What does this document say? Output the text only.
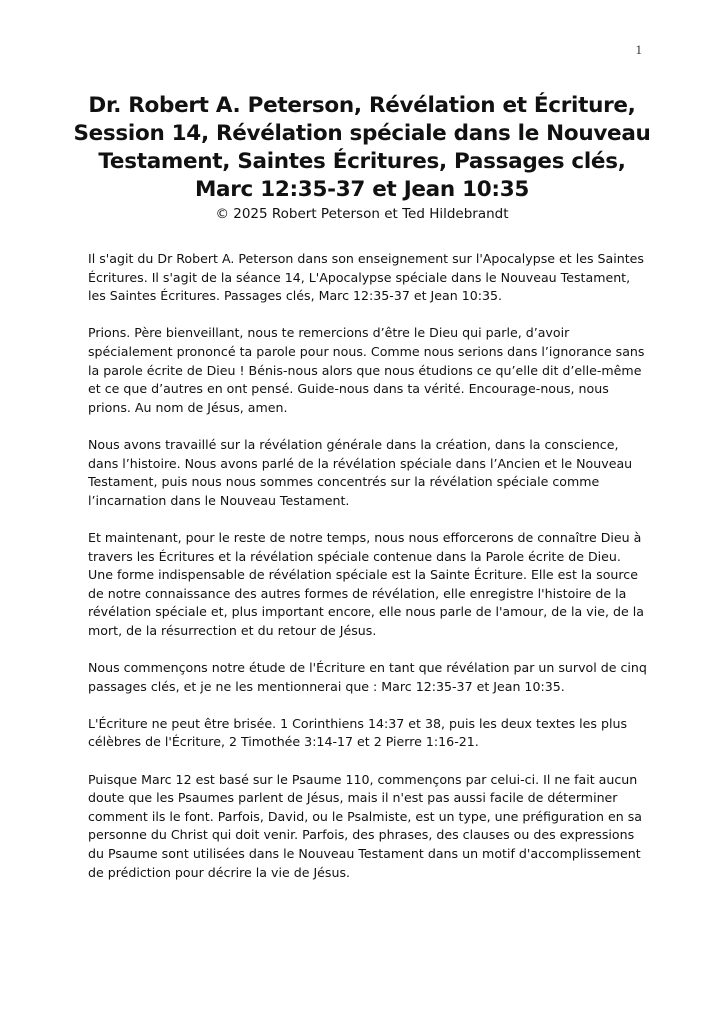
1
Dr. Robert A. Peterson, Révélation et Écriture, Session 14, Révélation spéciale dans le Nouveau Testament, Saintes Écritures, Passages clés, Marc 12:35-37 et Jean 10:35
© 2025 Robert Peterson et Ted Hildebrandt

Il s'agit du Dr Robert A. Peterson dans son enseignement sur l'Apocalypse et les Saintes Écritures. Il s'agit de la séance 14, L'Apocalypse spéciale dans le Nouveau Testament, les Saintes Écritures. Passages clés, Marc 12:35-37 et Jean 10:35.

Prions. Père bienveillant, nous te remercions d’être le Dieu qui parle, d’avoir spécialement prononcé ta parole pour nous. Comme nous serions dans l’ignorance sans la parole écrite de Dieu ! Bénis-nous alors que nous étudions ce qu’elle dit d’elle-même et ce que d’autres en ont pensé. Guide-nous dans ta vérité. Encourage-nous, nous prions. Au nom de Jésus, amen.

Nous avons travaillé sur la révélation générale dans la création, dans la conscience, dans l’histoire. Nous avons parlé de la révélation spéciale dans l’Ancien et le Nouveau Testament, puis nous nous sommes concentrés sur la révélation spéciale comme l’incarnation dans le Nouveau Testament.

Et maintenant, pour le reste de notre temps, nous nous efforcerons de connaître Dieu à travers les Écritures et la révélation spéciale contenue dans la Parole écrite de Dieu. Une forme indispensable de révélation spéciale est la Sainte Écriture. Elle est la source de notre connaissance des autres formes de révélation, elle enregistre l'histoire de la révélation spéciale et, plus important encore, elle nous parle de l'amour, de la vie, de la mort, de la résurrection et du retour de Jésus.

Nous commençons notre étude de l'Écriture en tant que révélation par un survol de cinq passages clés, et je ne les mentionnerai que : Marc 12:35-37 et Jean 10:35.

L'Écriture ne peut être brisée. 1 Corinthiens 14:37 et 38, puis les deux textes les plus célèbres de l'Écriture, 2 Timothée 3:14-17 et 2 Pierre 1:16-21.

Puisque Marc 12 est basé sur le Psaume 110, commençons par celui-ci. Il ne fait aucun doute que les Psaumes parlent de Jésus, mais il n'est pas aussi facile de déterminer comment ils le font. Parfois, David, ou le Psalmiste, est un type, une préfiguration en sa personne du Christ qui doit venir. Parfois, des phrases, des clauses ou des expressions du Psaume sont utilisées dans le Nouveau Testament dans un motif d'accomplissement de prédiction pour décrire la vie de Jésus.
